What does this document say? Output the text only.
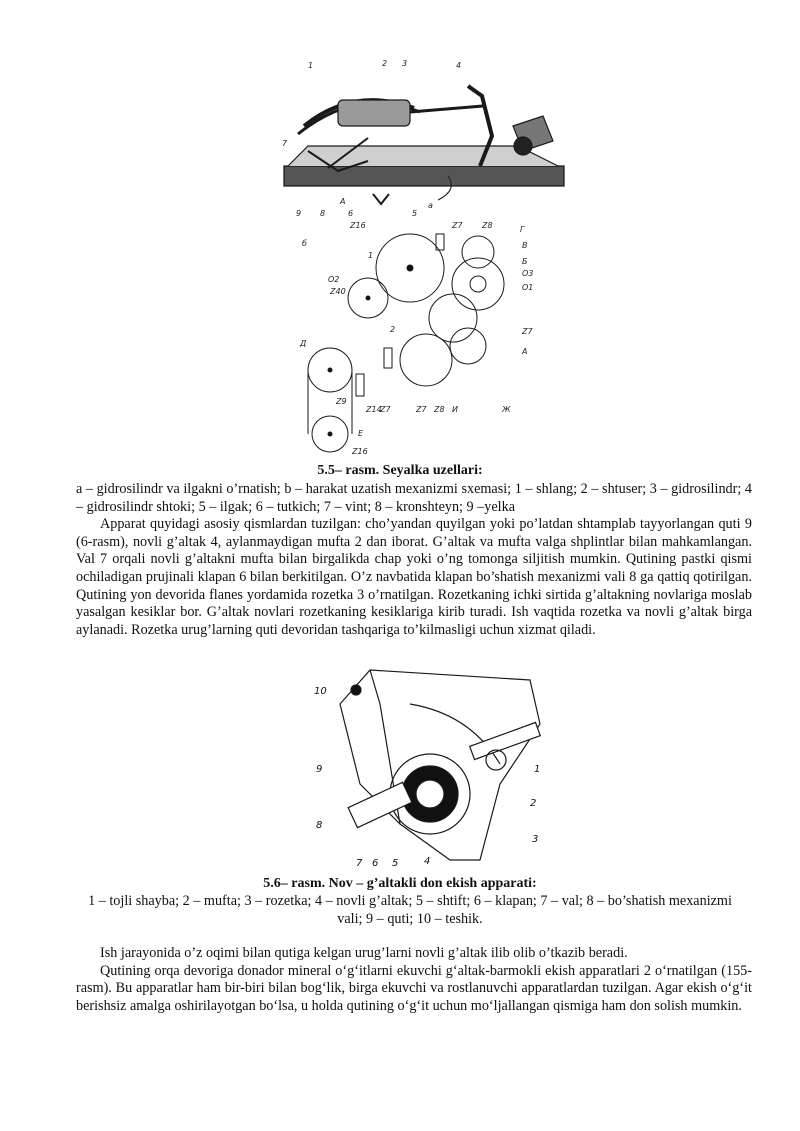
1	2 3	4
7
9 8
A
6	5
a
б
Z16
1
Z7 Z8	Г
B
Б
O3
O1
O2
Z40
2	Z7
A
Д
Z9
Z14
Z7	Z7 Z8 И	Ж
E
Z16
5.5– rasm. Seyalka uzellari:

a – gidrosilindr va ilgakni o’rnatish; b – harakat uzatish mexanizmi sxemasi; 1 – shlang; 2 – shtuser; 3 – gidrosilindr; 4 – gidrosilindr shtoki; 5 – ilgak; 6 – tutkich; 7 – vint; 8 – kronshteyn; 9 –yelka

Apparat quyidagi asosiy qismlardan tuzilgan: cho’yandan quyilgan yoki po’latdan shtamplab tayyorlangan quti 9 (6-rasm), novli g’altak 4, aylanmaydigan mufta 2 dan iborat. G’altak va mufta valga shplintlar bilan mahkamlangan. Val 7 orqali novli g’altakni mufta bilan birgalikda chap yoki o’ng tomonga siljitish mumkin. Qutining pastki qismi ochiladigan prujinali klapan 6 bilan berkitilgan. O’z navbatida klapan bo’shatish mexanizmi vali 8 ga qattiq qotirilgan. Qutining yon devorida flanes yordamida rozetka 3 o’rnatilgan. Rozetkaning ichki sirtida g’altakning novlariga moslab yasalgan kesiklar bor. G’altak novlari rozetkaning kesiklariga kirib turadi. Ish vaqtida rozetka va novli g’altak birga aylanadi. Rozetka urug’larning quti devoridan tashqariga to’kilmasligi uchun xizmat qiladi.

10
9
8
7 6 5	4
1
2
3
5.6– rasm. Nov – g’altakli don ekish apparati:
1 – tojli shayba; 2 – mufta; 3 – rozetka; 4 – novli g’altak; 5 – shtift; 6 – klapan; 7 – val; 8 – bo’shatish mexanizmi
vali; 9 – quti; 10 – teshik.

Ish jarayonida o’z oqimi bilan qutiga kelgan urug’larni novli g’altak ilib olib o’tkazib beradi.

Qutining orqa devoriga donador mineral o‘g‘itlarni ekuvchi g‘altak-barmokli ekish apparatlari 2 o‘rnatilgan (155-rasm). Bu apparatlar ham bir-biri bilan bog‘lik, birga ekuvchi va rostlanuvchi apparatlardan tuzilgan. Agar ekish o‘g‘it berishsiz amalga oshirilayotgan bo‘lsa, u holda qutining o‘g‘it uchun mo‘ljallangan qismiga ham don solish mumkin.
